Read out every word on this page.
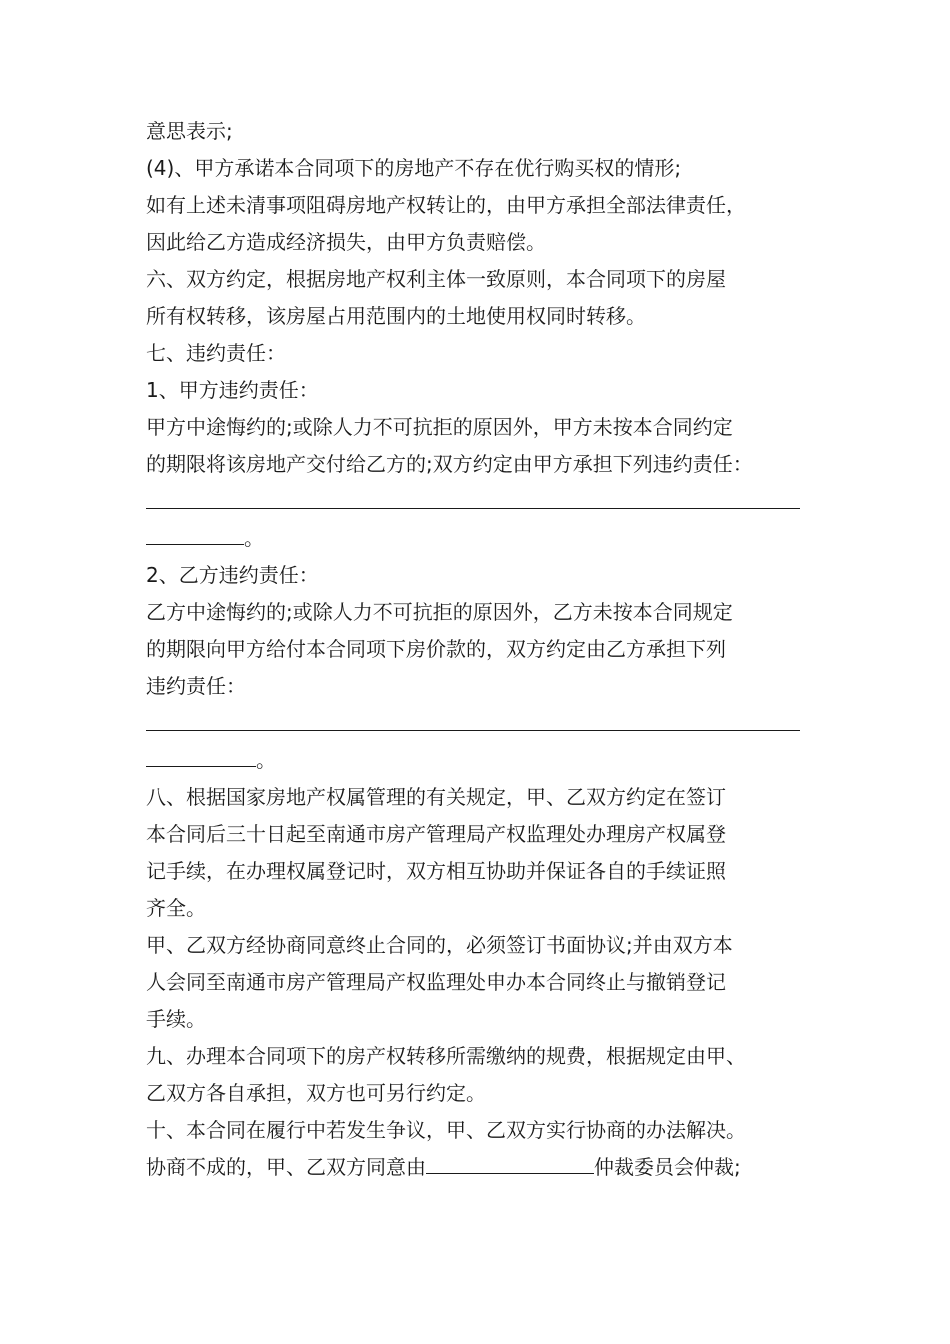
意思表示;
(4)、甲方承诺本合同项下的房地产不存在优行购买权的情形;
如有上述未清事项阻碍房地产权转让的，由甲方承担全部法律责任，
因此给乙方造成经济损失，由甲方负责赔偿。
六、双方约定，根据房地产权利主体一致原则，本合同项下的房屋
所有权转移，该房屋占用范围内的土地使用权同时转移。
七、违约责任：
1、甲方违约责任：
甲方中途悔约的;或除人力不可抗拒的原因外，甲方未按本合同约定
的期限将该房地产交付给乙方的;双方约定由甲方承担下列违约责任：
。
2、乙方违约责任：
乙方中途悔约的;或除人力不可抗拒的原因外，乙方未按本合同规定
的期限向甲方给付本合同项下房价款的，双方约定由乙方承担下列
违约责任：
。
八、根据国家房地产权属管理的有关规定，甲、乙双方约定在签订
本合同后三十日起至南通市房产管理局产权监理处办理房产权属登
记手续，在办理权属登记时，双方相互协助并保证各自的手续证照
齐全。
甲、乙双方经协商同意终止合同的，必须签订书面协议;并由双方本
人会同至南通市房产管理局产权监理处申办本合同终止与撤销登记
手续。
九、办理本合同项下的房产权转移所需缴纳的规费，根据规定由甲、
乙双方各自承担，双方也可另行约定。
十、本合同在履行中若发生争议，甲、乙双方实行协商的办法解决。
协商不成的，甲、乙双方同意由	仲裁委员会仲裁;
